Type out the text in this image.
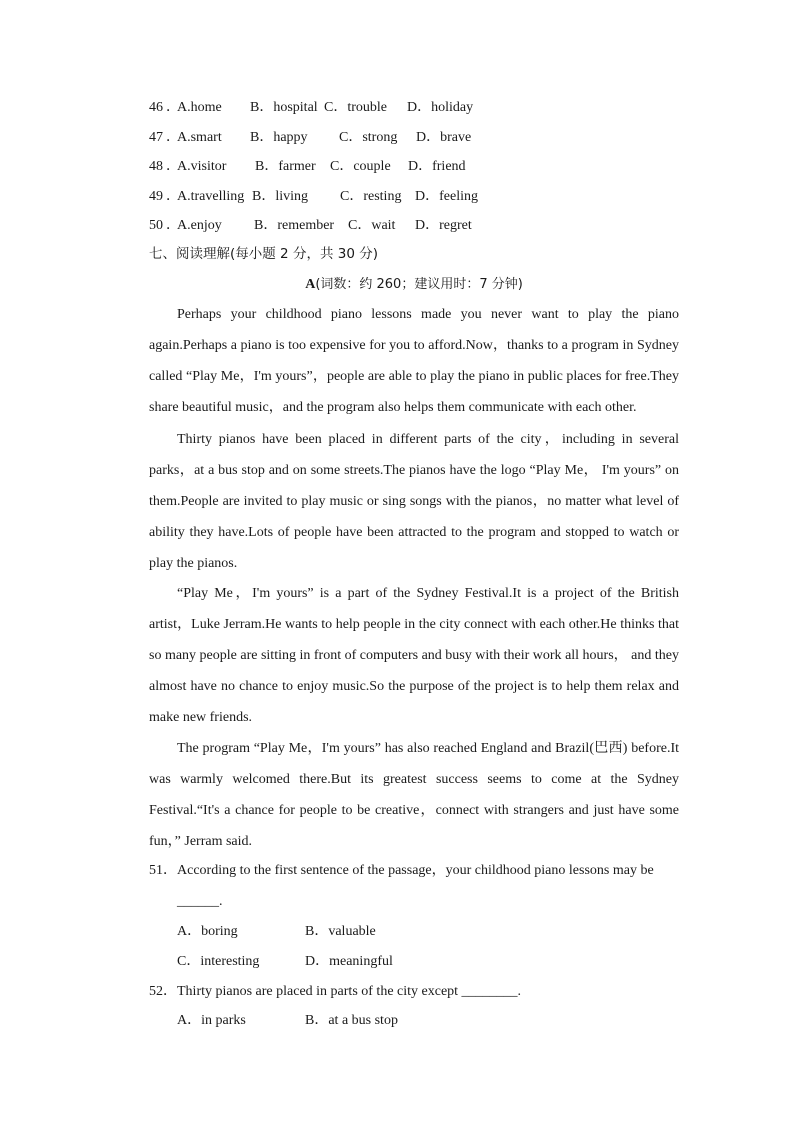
46 ．
A.home B．hospital C．trouble D．holiday
47 ．
A.smart B．happy C．strong D．brave
48 ．
A.visitor B．farmer C．couple D．friend
49 ．
A.travelling B．living C．resting D．feeling
50 ．
A.enjoy B．remember C．wait D．regret
七、阅读理解(每小题 2 分，共 30 分)
A(词数：约 260；建议用时：7 分钟)

Perhaps your childhood piano lessons made you never want to play the piano again.Perhaps a piano is too expensive for you to afford.Now，thanks to a program in Sydney called “Play Me，I'm yours”，people are able to play the piano in public places for free.They share beautiful music，and the program also helps them communicate with each other.

Thirty pianos have been placed in different parts of the city，including in several parks，at a bus stop and on some streets.The pianos have the logo “Play Me， I'm yours” on them.People are invited to play music or sing songs with the pianos，no matter what level of ability they have.Lots of people have been attracted to the program and stopped to watch or play the pianos.

“Play Me，I'm yours” is a part of the Sydney Festival.It is a project of the British artist，Luke Jerram.He wants to help people in the city connect with each other.He thinks that so many people are sitting in front of computers and busy with their work all hours， and they almost have no chance to enjoy music.So the purpose of the project is to help them relax and make new friends.

The program “Play Me，I'm yours” has also reached England and Brazil(巴西) before.It was warmly welcomed there.But its greatest success seems to come at the Sydney Festival.“It's a chance for people to be creative，connect with strangers and just have some fun，” Jerram said.

51． According to the first sentence of the passage，your childhood piano lessons may be
______.
A．boring	B．valuable
C．interesting	D．meaningful
52． Thirty pianos are placed in parts of the city except ________.
A．in parks	B．at a bus stop
